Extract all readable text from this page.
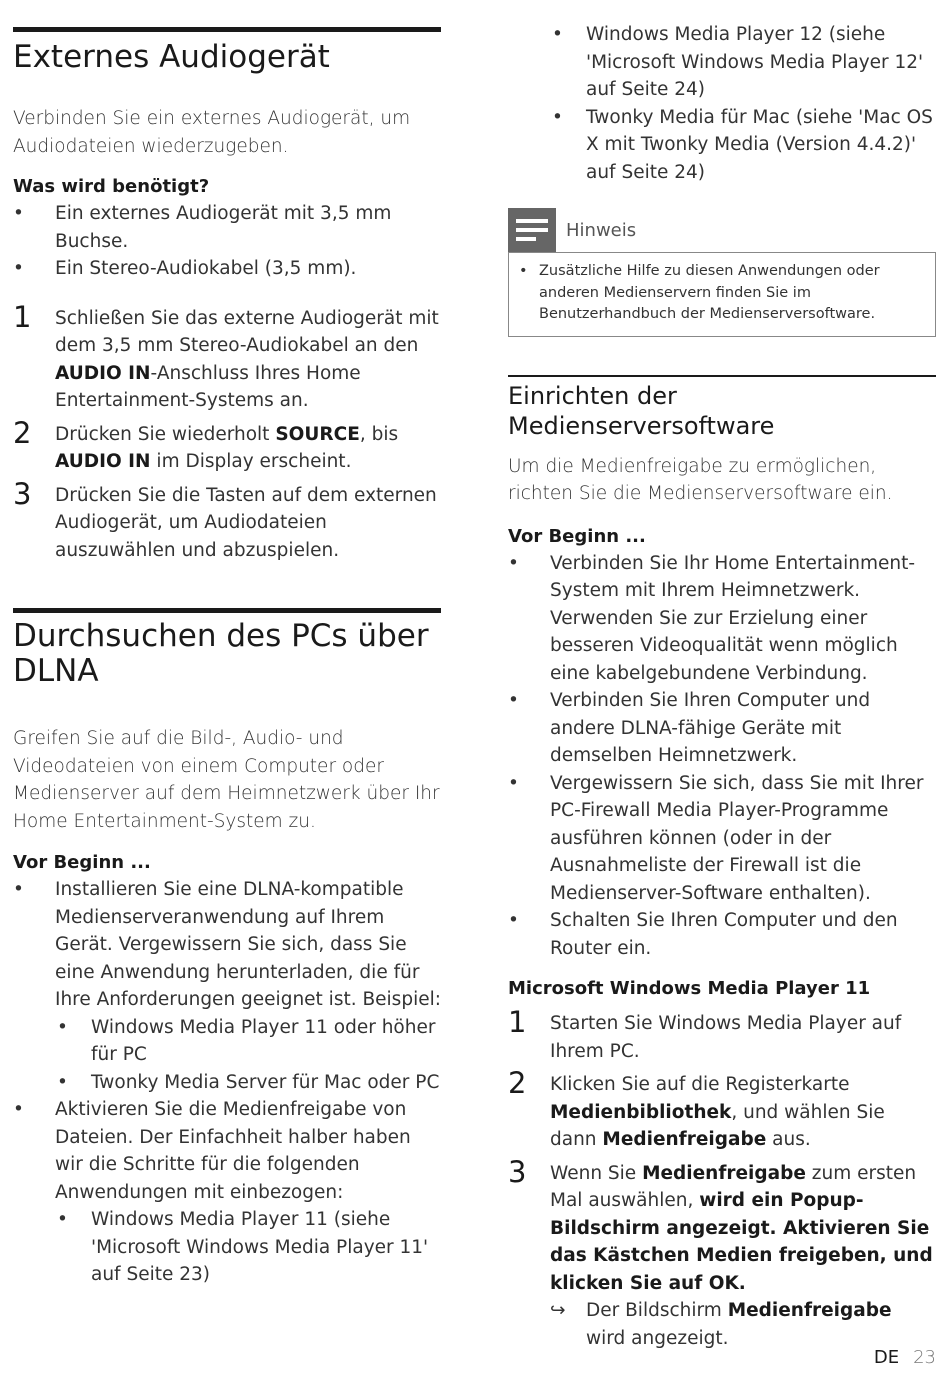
Externes Audiogerät

Verbinden Sie ein externes Audiogerät, um Audiodateien wiederzugeben.

Was wird benötigt?
• Ein externes Audiogerät mit 3,5 mm Buchse.
• Ein Stereo-Audiokabel (3,5 mm).
1 Schließen Sie das externe Audiogerät mit dem 3,5 mm Stereo-Audiokabel an den AUDIO IN-Anschluss Ihres Home Entertainment-Systems an.
2 Drücken Sie wiederholt SOURCE, bis AUDIO IN im Display erscheint.
3 Drücken Sie die Tasten auf dem externen Audiogerät, um Audiodateien auszuwählen und abzuspielen.
Durchsuchen des PCs über
DLNA

Greifen Sie auf die Bild-, Audio- und Videodateien von einem Computer oder Medienserver auf dem Heimnetzwerk über Ihr Home Entertainment-System zu.

Vor Beginn ...
• Installieren Sie eine DLNA-kompatible Medienserveranwendung auf Ihrem Gerät. Vergewissern Sie sich, dass Sie eine Anwendung herunterladen, die für Ihre Anforderungen geeignet ist. Beispiel:
• Windows Media Player 11 oder höher für PC
• Twonky Media Server für Mac oder PC
• Aktivieren Sie die Medienfreigabe von Dateien. Der Einfachheit halber haben wir die Schritte für die folgenden Anwendungen mit einbezogen:
• Windows Media Player 11 (siehe 'Microsoft Windows Media Player 11' auf Seite 23)
• Windows Media Player 12 (siehe 'Microsoft Windows Media Player 12' auf Seite 24)
• Twonky Media für Mac (siehe 'Mac OS X mit Twonky Media (Version 4.4.2)' auf Seite 24)
Hinweis
• Zusätzliche Hilfe zu diesen Anwendungen oder anderen Medienservern finden Sie im Benutzerhandbuch der Medienserversoftware.
Einrichten der Medienserversoftware

Um die Medienfreigabe zu ermöglichen, richten Sie die Medienserversoftware ein.

Vor Beginn ...
• Verbinden Sie Ihr Home Entertainment-System mit Ihrem Heimnetzwerk. Verwenden Sie zur Erzielung einer besseren Videoqualität wenn möglich eine kabelgebundene Verbindung.
• Verbinden Sie Ihren Computer und andere DLNA-fähige Geräte mit demselben Heimnetzwerk.
• Vergewissern Sie sich, dass Sie mit Ihrer PC-Firewall Media Player-Programme ausführen können (oder in der Ausnahmeliste der Firewall ist die Medienserver-Software enthalten).
• Schalten Sie Ihren Computer und den Router ein.
Microsoft Windows Media Player 11
1 Starten Sie Windows Media Player auf Ihrem PC.
2 Klicken Sie auf die Registerkarte Medienbibliothek, und wählen Sie dann Medienfreigabe aus.
3 Wenn Sie Medienfreigabe zum ersten Mal auswählen, wird ein Popup-Bildschirm angezeigt. Aktivieren Sie das Kästchen Medien freigeben, und klicken Sie auf OK.
↪ Der Bildschirm Medienfreigabe wird angezeigt.
DE 23
